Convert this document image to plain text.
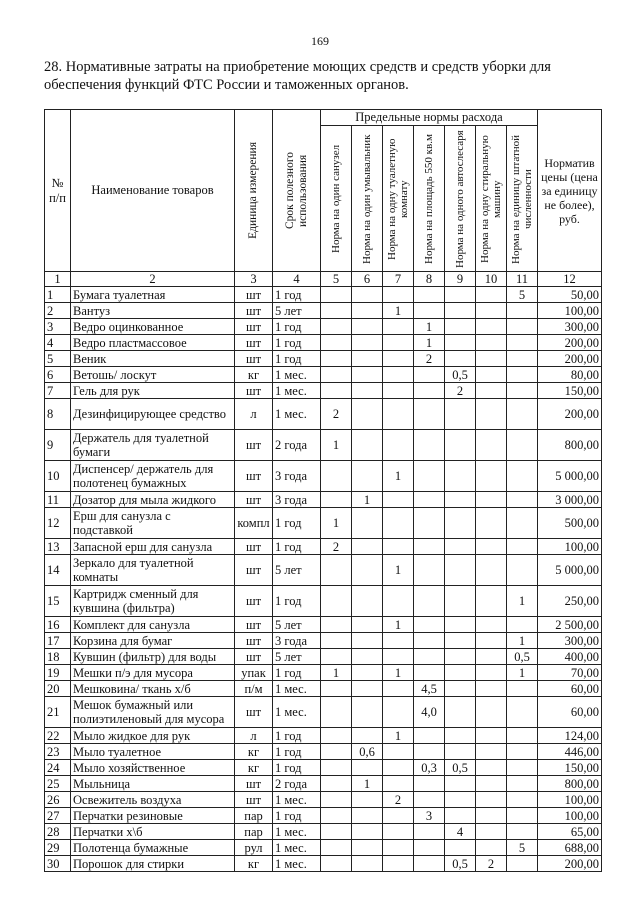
169
28. Нормативные затраты на приобретение моющих средств и средств уборки для обеспечения функций ФТС России и таможенных органов.
№ п/п	Наименование товаров	Единица измерения	Срок полезного использования	Предельные нормы расхода							Норматив цены (цена за единицу не более), руб.

				Норма на один санузел	Норма на один умывальник	Норма на одну туалетную комнату	Норма на площадь 550 кв.м	Норма на одного автослесаря	Норма на одну стиральную машину	Норма на единицу штатной численности	

1	2	3	4	5	6	7	8	9	10	11	12
1	Бумага туалетная	шт	1 год							5	50,00
2	Вантуз	шт	5 лет			1					100,00
3	Ведро оцинкованное	шт	1 год				1				300,00
4	Ведро пластмассовое	шт	1 год				1				200,00
5	Веник	шт	1 год				2				200,00
6	Ветошь/ лоскут	кг	1 мес.					0,5			80,00
7	Гель для рук	шт	1 мес.					2			150,00
8	Дезинфицирующее средство	л	1 мес.	2							200,00
9	Держатель для туалетной бумаги	шт	2 года	1							800,00
10	Диспенсер/ держатель для полотенец бумажных	шт	3 года			1					5 000,00
11	Дозатор для мыла жидкого	шт	3 года		1						3 000,00
12	Ерш для санузла с подставкой	компл	1 год	1							500,00
13	Запасной ерш для санузла	шт	1 год	2							100,00
14	Зеркало для туалетной комнаты	шт	5 лет			1					5 000,00
15	Картридж сменный для кувшина (фильтра)	шт	1 год							1	250,00
16	Комплект для санузла	шт	5 лет			1					2 500,00
17	Корзина для бумаг	шт	3 года							1	300,00
18	Кувшин (фильтр) для воды	шт	5 лет							0,5	400,00
19	Мешки п/э для мусора	упак	1 год	1		1				1	70,00
20	Мешковина/ ткань х/б	п/м	1 мес.				4,5				60,00
21	Мешок бумажный или полиэтиленовый для мусора	шт	1 мес.				4,0				60,00
22	Мыло жидкое для рук	л	1 год			1					124,00
23	Мыло туалетное	кг	1 год		0,6						446,00
24	Мыло хозяйственное	кг	1 год				0,3	0,5			150,00
25	Мыльница	шт	2 года		1						800,00
26	Освежитель воздуха	шт	1 мес.			2					100,00
27	Перчатки резиновые	пар	1 год				3				100,00
28	Перчатки х\б	пар	1 мес.					4			65,00
29	Полотенца бумажные	рул	1 мес.							5	688,00
30	Порошок для стирки	кг	1 мес.					0,5	2		200,00
